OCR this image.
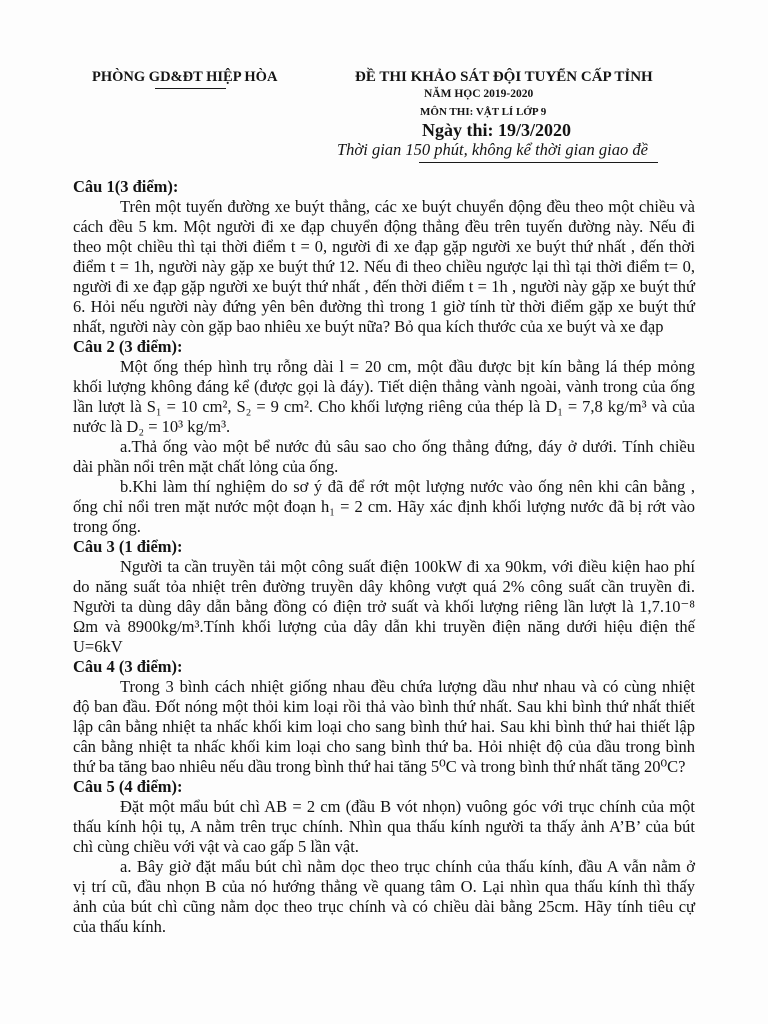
PHÒNG GD&ĐT HIỆP HÒA	ĐỀ THI KHẢO SÁT ĐỘI TUYỂN CẤP TỈNH
NĂM HỌC 2019-2020
MÔN THI: VẬT LÍ LỚP 9
Ngày thi: 19/3/2020
Thời gian 150 phút, không kể thời gian giao đề
Câu 1(3 điểm):
Trên một tuyến đường xe buýt thẳng, các xe buýt chuyển động đều theo một chiều và
cách đều 5 km. Một người đi xe đạp chuyển động thẳng đều trên tuyến đường này. Nếu đi
theo một chiều thì tại thời điểm t = 0, người đi xe đạp gặp người xe buýt thứ nhất , đến thời
điểm t = 1h, người này gặp xe buýt thứ 12. Nếu đi theo chiều ngược lại thì tại thời điểm t= 0,
người đi xe đạp gặp người xe buýt thứ nhất , đến thời điểm t = 1h , người này gặp xe buýt thứ
6. Hỏi nếu người này đứng yên bên đường thì trong 1 giờ tính từ thời điểm gặp xe buýt thứ
nhất, người này còn gặp bao nhiêu xe buýt nữa? Bỏ qua kích thước của xe buýt và xe đạp
Câu 2 (3 điểm):
Một ống thép hình trụ rỗng dài l = 20 cm, một đầu được bịt kín bằng lá thép mỏng
khối lượng không đáng kể (được gọi là đáy). Tiết diện thẳng vành ngoài, vành trong của ống
lần lượt là S₁ = 10 cm², S₂ = 9 cm². Cho khối lượng riêng của thép là D₁ = 7,8 kg/m³ và của
nước là D₂ = 10³ kg/m³.
a.Thả ống vào một bể nước đủ sâu sao cho ống thẳng đứng, đáy ở dưới. Tính chiều
dài phần nổi trên mặt chất lỏng của ống.
b.Khi làm thí nghiệm do sơ ý đã để rớt một lượng nước vào ống nên khi cân bằng ,
ống chỉ nổi tren mặt nước một đoạn h₁ = 2 cm. Hãy xác định khối lượng nước đã bị rớt vào
trong ống.
Câu 3 (1 điểm):
Người ta cần truyền tải một công suất điện 100kW đi xa 90km, với điều kiện hao phí
do năng suất tỏa nhiệt trên đường truyền dây không vượt quá 2% công suất cần truyền đi.
Người ta dùng dây dẫn bằng đồng có điện trở suất và khối lượng riêng lần lượt là 1,7.10⁻⁸
Ωm và 8900kg/m³.Tính khối lượng của dây dẫn khi truyền điện năng dưới hiệu điện thế
U=6kV
Câu 4 (3 điểm):
Trong 3 bình cách nhiệt giống nhau đều chứa lượng dầu như nhau và có cùng nhiệt
độ ban đầu. Đốt nóng một thỏi kim loại rồi thả vào bình thứ nhất. Sau khi bình thứ nhất thiết
lập cân bằng nhiệt ta nhấc khối kim loại cho sang bình thứ hai. Sau khi bình thứ hai thiết lập
cân bằng nhiệt ta nhấc khối kim loại cho sang bình thứ ba. Hỏi nhiệt độ của dầu trong bình
thứ ba tăng bao nhiêu nếu dầu trong bình thứ hai tăng 5⁰C và trong bình thứ nhất tăng 20⁰C?
Câu 5 (4 điểm):
Đặt một mẩu bút chì AB = 2 cm (đầu B vót nhọn) vuông góc với trục chính của một
thấu kính hội tụ, A nằm trên trục chính. Nhìn qua thấu kính người ta thấy ảnh A’B’ của bút
chì cùng chiều với vật và cao gấp 5 lần vật.
a. Bây giờ đặt mẩu bút chì nằm dọc theo trục chính của thấu kính, đầu A vẫn nằm ở
vị trí cũ, đầu nhọn B của nó hướng thẳng về quang tâm O. Lại nhìn qua thấu kính thì thấy
ảnh của bút chì cũng nằm dọc theo trục chính và có chiều dài bằng 25cm. Hãy tính tiêu cự
của thấu kính.
